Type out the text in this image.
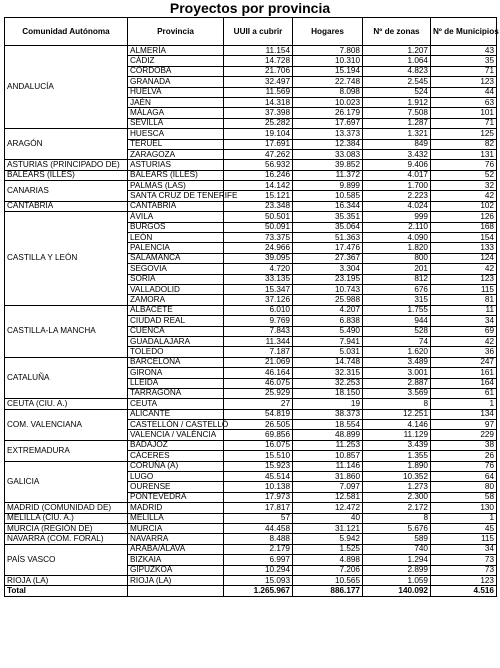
Proyectos por provincia
Comunidad Autónoma	Provincia	UUII a cubrir	Hogares	Nº de zonas	Nº de Municipios
ANDALUCÍA	ALMERÍA	11.154	7.808	1.207	43
	CÁDIZ	14.728	10.310	1.064	35
	CÓRDOBA	21.706	15.194	4.823	71
	GRANADA	32.497	22.748	2.545	123
	HUELVA	11.569	8.098	524	44
	JAÉN	14.318	10.023	1.912	63
	MÁLAGA	37.398	26.179	7.508	101
	SEVILLA	25.282	17.697	1.287	71
ARAGÓN	HUESCA	19.104	13.373	1.321	125
	TERUEL	17.691	12.384	849	82
	ZARAGOZA	47.262	33.083	3.432	131
ASTURIAS (PRINCIPADO DE)	ASTURIAS	56.932	39.852	9.406	76
BALEARS (ILLES)	BALEARS (ILLES)	16.246	11.372	4.017	52
CANARIAS	PALMAS (LAS)	14.142	9.899	1.700	32
	SANTA CRUZ DE TENERIFE	15.121	10.585	2.223	42
CANTABRIA	CANTABRIA	23.348	16.344	4.024	102
CASTILLA Y LEÓN	ÁVILA	50.501	35.351	999	126
	BURGOS	50.091	35.064	2.110	168
	LEÓN	73.375	51.363	4.090	154
	PALENCIA	24.966	17.476	1.820	133
	SALAMANCA	39.095	27.367	800	124
	SEGOVIA	4.720	3.304	201	42
	SORIA	33.135	23.195	812	123
	VALLADOLID	15.347	10.743	676	115
	ZAMORA	37.126	25.988	315	81
CASTILLA-LA MANCHA	ALBACETE	6.010	4.207	1.755	11
	CIUDAD REAL	9.769	6.838	944	34
	CUENCA	7.843	5.490	528	69
	GUADALAJARA	11.344	7.941	74	42
	TOLEDO	7.187	5.031	1.620	36
CATALUÑA	BARCELONA	21.069	14.748	3.489	247
	GIRONA	46.164	32.315	3.001	161
	LLEIDA	46.075	32.253	2.887	164
	TARRAGONA	25.929	18.150	3.569	61
CEUTA (CIU. A.)	CEUTA	27	19	8	1
COM. VALENCIANA	ALICANTE	54.819	38.373	12.251	134
	CASTELLÓN / CASTELLÓ	26.505	18.554	4.146	97
	VALENCIA / VALÈNCIA	69.856	48.899	11.129	229
EXTREMADURA	BADAJOZ	16.075	11.253	3.439	38
	CÁCERES	15.510	10.857	1.355	26
GALICIA	CORUÑA (A)	15.923	11.146	1.890	76
	LUGO	45.514	31.860	10.352	64
	OURENSE	10.138	7.097	1.273	80
	PONTEVEDRA	17.973	12.581	2.300	58
MADRID (COMUNIDAD DE)	MADRID	17.817	12.472	2.172	130
MELILLA (CIU. A.)	MELILLA	57	40	8	1
MURCIA (REGIÓN DE)	MURCIA	44.458	31.121	5.676	45
NAVARRA (COM. FORAL)	NAVARRA	8.488	5.942	589	115
PAÍS VASCO	ARABA/ÁLAVA	2.179	1.525	740	34
	BIZKAIA	6.997	4.898	1.294	73
	GIPUZKOA	10.294	7.206	2.899	73
RIOJA (LA)	RIOJA (LA)	15.093	10.565	1.059	123
Total		1.265.967	886.177	140.092	4.516
